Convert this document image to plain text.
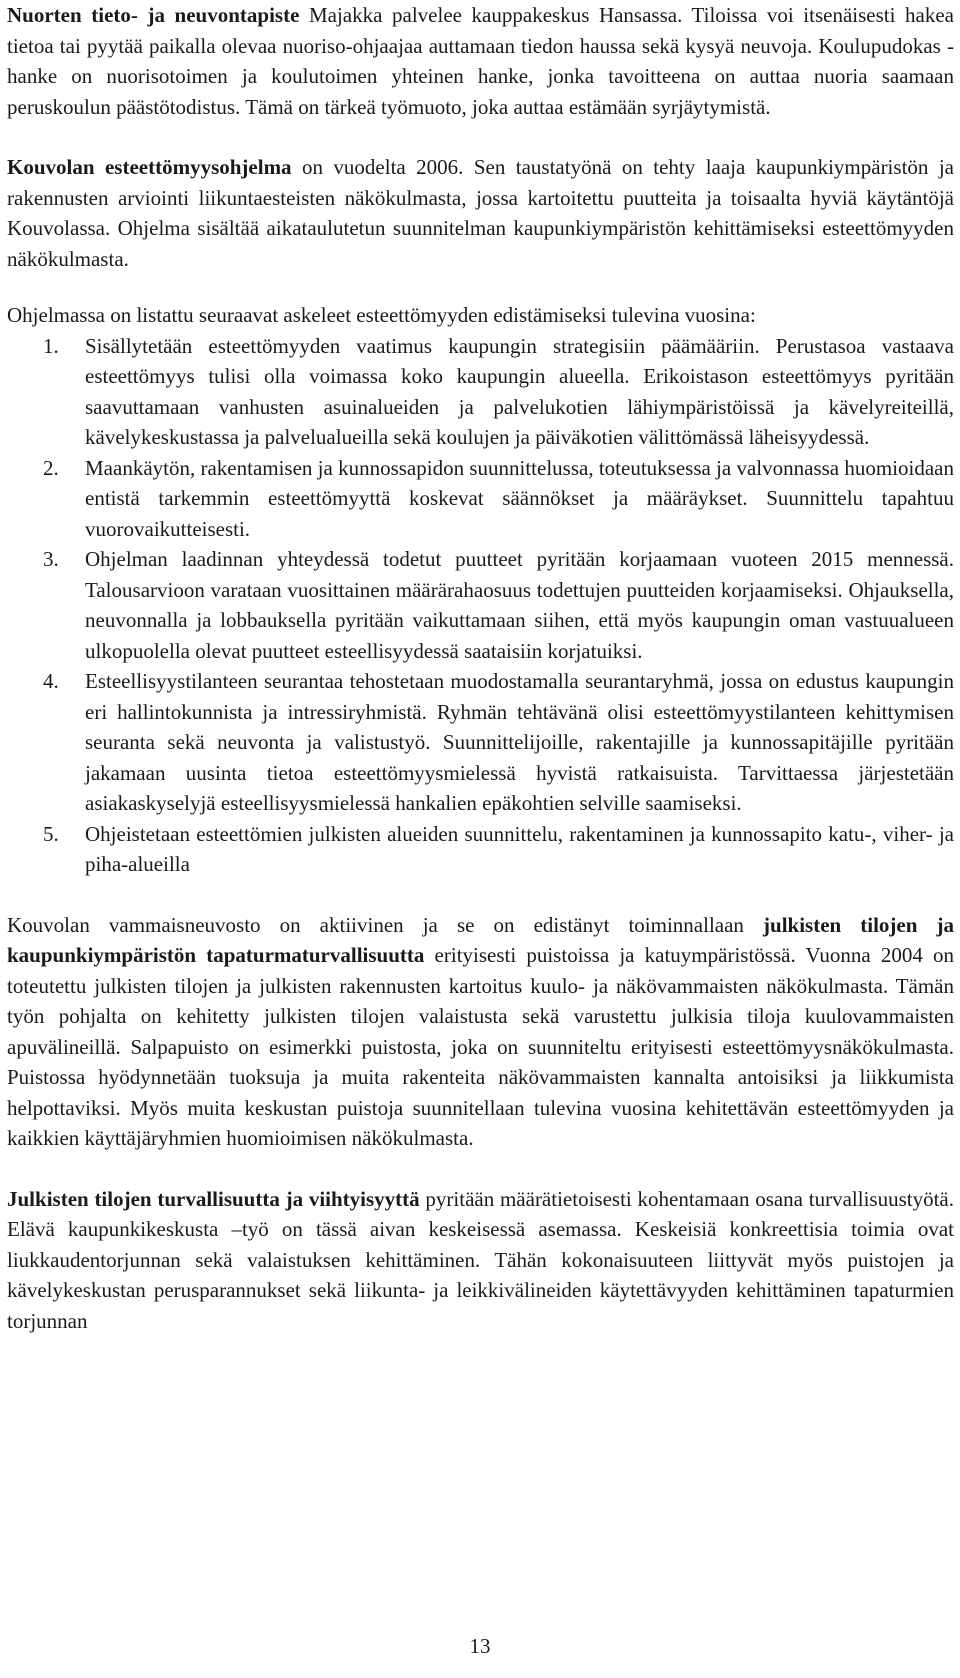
Nuorten tieto- ja neuvontapiste Majakka palvelee kauppakeskus Hansassa. Tiloissa voi itsenäisesti hakea tietoa tai pyytää paikalla olevaa nuoriso-ohjaajaa auttamaan tiedon haussa sekä kysyä neuvoja. Koulupudokas -hanke on nuorisotoimen ja koulutoimen yhteinen hanke, jonka tavoitteena on auttaa nuoria saamaan peruskoulun päästötodistus. Tämä on tärkeä työmuoto, joka auttaa estämään syrjäytymistä.

Kouvolan esteettömyysohjelma on vuodelta 2006. Sen taustatyönä on tehty laaja kaupunkiympäristön ja rakennusten arviointi liikuntaesteisten näkökulmasta, jossa kartoitettu puutteita ja toisaalta hyviä käytäntöjä Kouvolassa. Ohjelma sisältää aikataulutetun suunnitelman kaupunkiympäristön kehittämiseksi esteettömyyden näkökulmasta.

Ohjelmassa on listattu seuraavat askeleet esteettömyyden edistämiseksi tulevina vuosina:

1. Sisällytetään esteettömyyden vaatimus kaupungin strategisiin päämääriin. Perustasoa vastaava esteettömyys tulisi olla voimassa koko kaupungin alueella. Erikoistason esteettömyys pyritään saavuttamaan vanhusten asuinalueiden ja palvelukotien lähiympäristöissä ja kävelyreiteillä, kävelykeskustassa ja palvelualueilla sekä koulujen ja päiväkotien välittömässä läheisyydessä.
2. Maankäytön, rakentamisen ja kunnossapidon suunnittelussa, toteutuksessa ja valvonnassa huomioidaan entistä tarkemmin esteettömyyttä koskevat säännökset ja määräykset. Suunnittelu tapahtuu vuorovaikutteisesti.
3. Ohjelman laadinnan yhteydessä todetut puutteet pyritään korjaamaan vuoteen 2015 mennessä. Talousarvioon varataan vuosittainen määrärahaosuus todettujen puutteiden korjaamiseksi. Ohjauksella, neuvonnalla ja lobbauksella pyritään vaikuttamaan siihen, että myös kaupungin oman vastuualueen ulkopuolella olevat puutteet esteellisyydessä saataisiin korjatuiksi.
4. Esteellisyystilanteen seurantaa tehostetaan muodostamalla seurantaryhmä, jossa on edustus kaupungin eri hallintokunnista ja intressiryhmistä. Ryhmän tehtävänä olisi esteettömyystilanteen kehittymisen seuranta sekä neuvonta ja valistustyö. Suunnittelijoille, rakentajille ja kunnossapitäjille pyritään jakamaan uusinta tietoa esteettömyysmielessä hyvistä ratkaisuista. Tarvittaessa järjestetään asiakaskyselyjä esteellisyysmielessä hankalien epäkohtien selville saamiseksi.
5. Ohjeistetaan esteettömien julkisten alueiden suunnittelu, rakentaminen ja kunnossapito katu-, viher- ja piha-alueilla

Kouvolan vammaisneuvosto on aktiivinen ja se on edistänyt toiminnallaan julkisten tilojen ja kaupunkiympäristön tapaturmaturvallisuutta erityisesti puistoissa ja katuympäristössä. Vuonna 2004 on toteutettu julkisten tilojen ja julkisten rakennusten kartoitus kuulo- ja näkövammaisten näkökulmasta. Tämän työn pohjalta on kehitetty julkisten tilojen valaistusta sekä varustettu julkisia tiloja kuulovammaisten apuvälineillä. Salpapuisto on esimerkki puistosta, joka on suunniteltu erityisesti esteettömyysnäkökulmasta. Puistossa hyödynnetään tuoksuja ja muita rakenteita näkövammaisten kannalta antoisiksi ja liikkumista helpottaviksi. Myös muita keskustan puistoja suunnitellaan tulevina vuosina kehitettävän esteettömyyden ja kaikkien käyttäjäryhmien huomioimisen näkökulmasta.

Julkisten tilojen turvallisuutta ja viihtyisyyttä pyritään määrätietoisesti kohentamaan osana turvallisuustyötä. Elävä kaupunkikeskusta –työ on tässä aivan keskeisessä asemassa. Keskeisiä konkreettisia toimia ovat liukkaudentorjunnan sekä valaistuksen kehittäminen. Tähän kokonaisuuteen liittyvät myös puistojen ja kävelykeskustan perusparannukset sekä liikunta- ja leikkivälineiden käytettävyyden kehittäminen tapaturmien torjunnan

13
